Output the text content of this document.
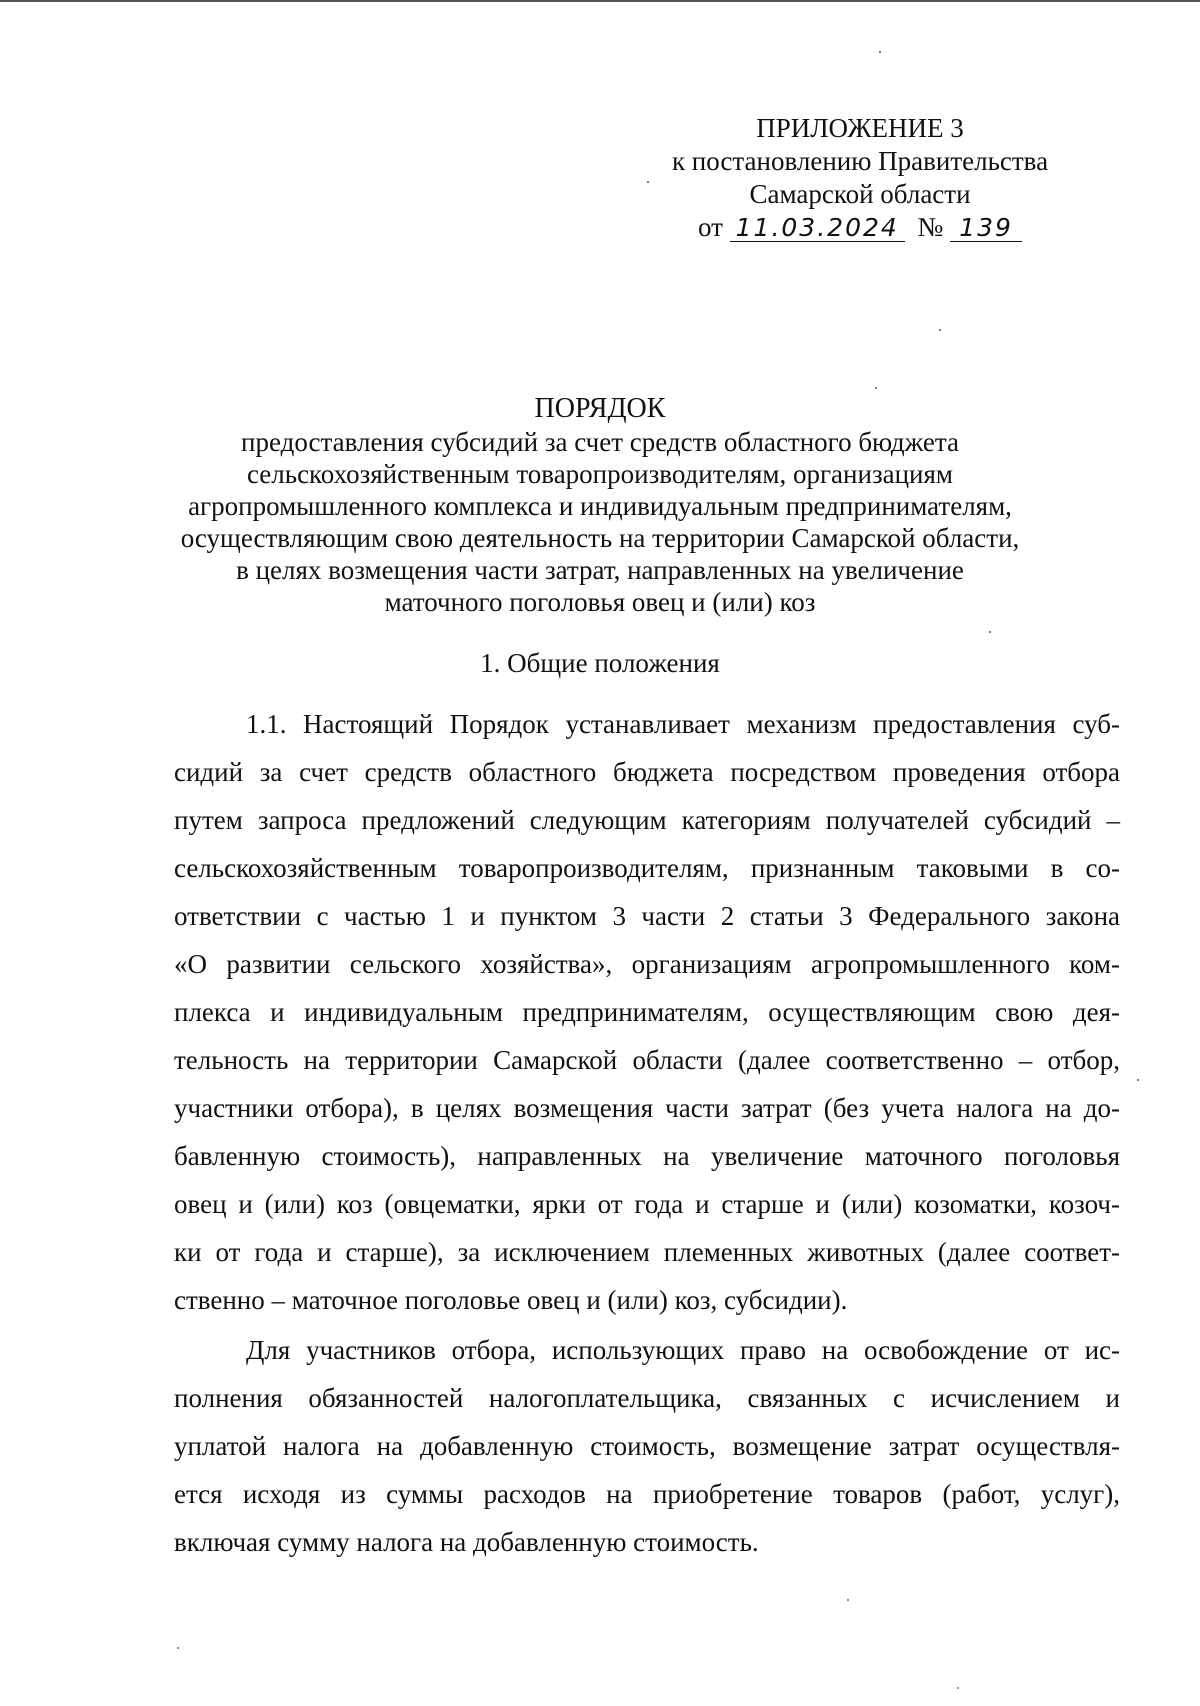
ПРИЛОЖЕНИЕ 3
к постановлению Правительства
Самарской области
от 11.03.2024 № 139
ПОРЯДОК
предоставления субсидий за счет средств областного бюджета
сельскохозяйственным товаропроизводителям, организациям
агропромышленного комплекса и индивидуальным предпринимателям,
осуществляющим свою деятельность на территории Самарской области,
в целях возмещения части затрат, направленных на увеличение
маточного поголовья овец и (или) коз
1. Общие положения
1.1. Настоящий Порядок устанавливает механизм предоставления суб-
сидий за счет средств областного бюджета посредством проведения отбора
путем запроса предложений следующим категориям получателей субсидий –
сельскохозяйственным товаропроизводителям, признанным таковыми в со-
ответствии с частью 1 и пунктом 3 части 2 статьи 3 Федерального закона
«О развитии сельского хозяйства», организациям агропромышленного ком-
плекса и индивидуальным предпринимателям, осуществляющим свою дея-
тельность на территории Самарской области (далее соответственно – отбор,
участники отбора), в целях возмещения части затрат (без учета налога на до-
бавленную стоимость), направленных на увеличение маточного поголовья
овец и (или) коз (овцематки, ярки от года и старше и (или) козоматки, козоч-
ки от года и старше), за исключением племенных животных (далее соответ-
ственно – маточное поголовье овец и (или) коз, субсидии).
Для участников отбора, использующих право на освобождение от ис-
полнения обязанностей налогоплательщика, связанных с исчислением и
уплатой налога на добавленную стоимость, возмещение затрат осуществля-
ется исходя из суммы расходов на приобретение товаров (работ, услуг),
включая сумму налога на добавленную стоимость.
